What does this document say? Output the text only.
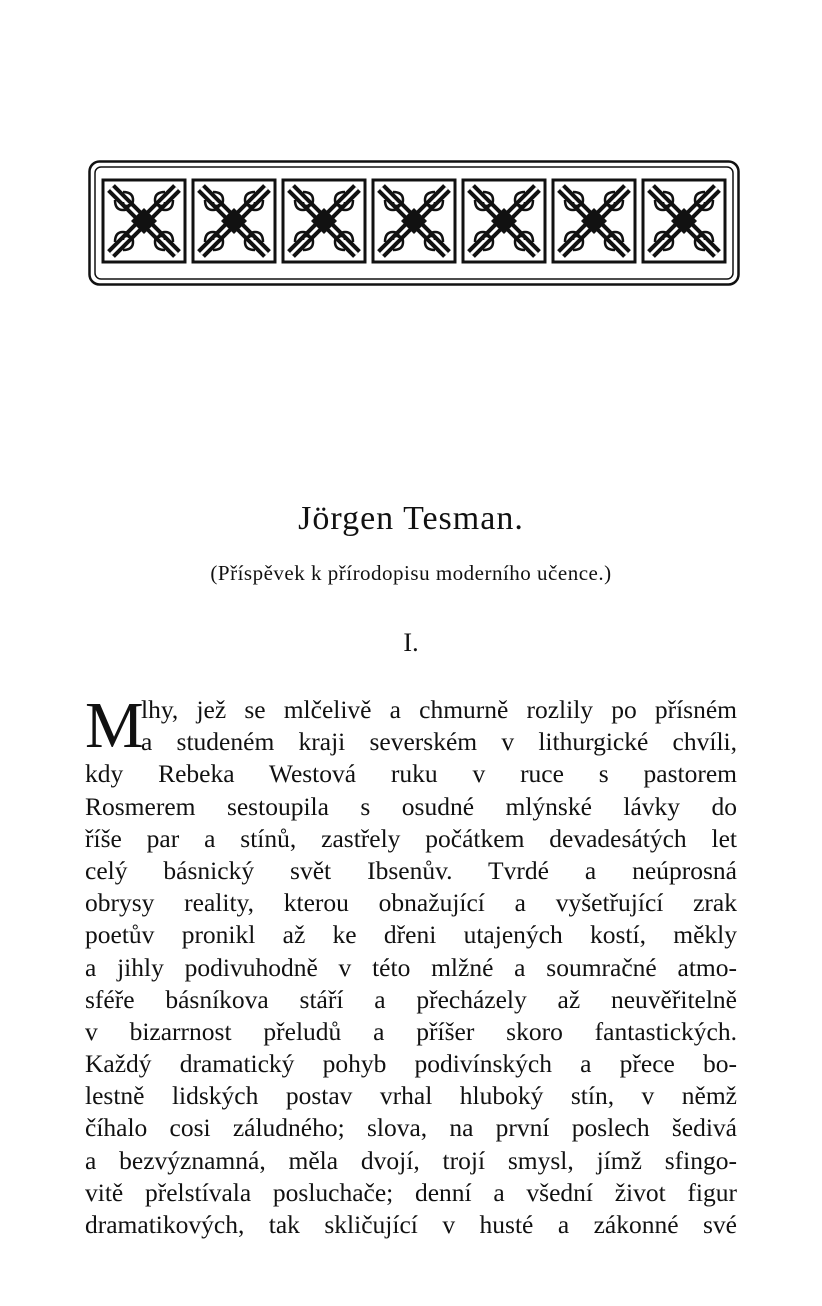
Jörgen Tesman.
(Příspěvek k přírodopisu moderního učence.)
I.
M
lhy, jež se mlčelivě a chmurně rozlily po přísném
a studeném kraji severském v lithurgické chvíli,
kdy Rebeka Westová ruku v ruce s pastorem
Rosmerem sestoupila s osudné mlýnské lávky do
říše par a stínů, zastřely počátkem devadesátých let
celý básnický svět Ibsenův. Tvrdé a neúprosná
obrysy reality, kterou obnažující a vyšetřující zrak
poetův pronikl až ke dřeni utajených kostí, měkly
a jihly podivuhodně v této mlžné a soumračné atmo-
sféře básníkova stáří a přecházely až neuvěřitelně
v bizarrnost přeludů a příšer skoro fantastických.
Každý dramatický pohyb podivínských a přece bo-
lestně lidských postav vrhal hluboký stín, v němž
číhalo cosi záludného; slova, na první poslech šedivá
a bezvýznamná, měla dvojí, trojí smysl, jímž sfingo-
vitě přelstívala posluchače; denní a všední život figur
dramatikových, tak skličující v husté a zákonné své
